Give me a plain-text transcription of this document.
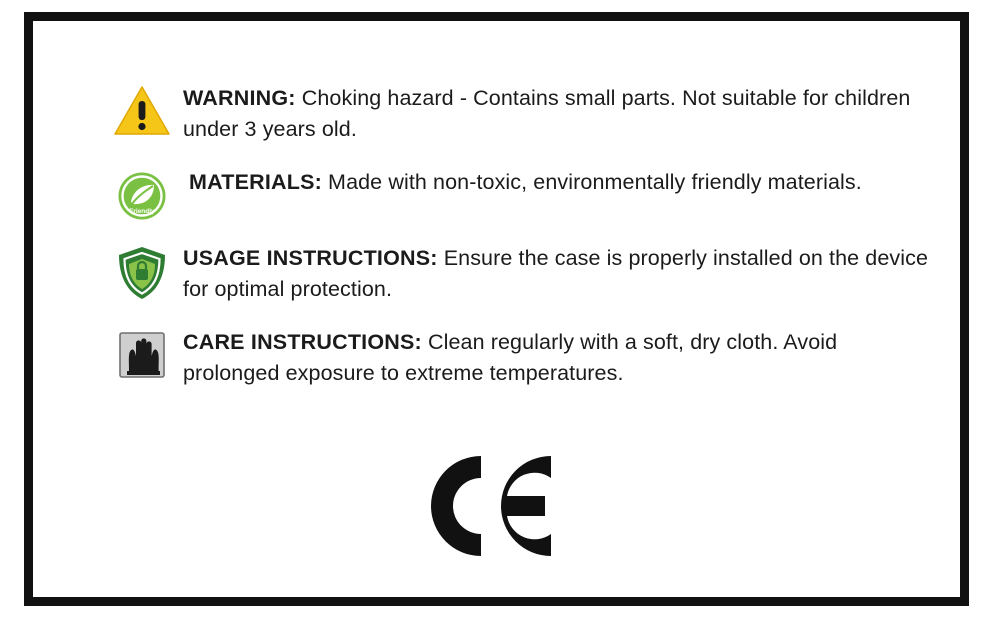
WARNING: Choking hazard - Contains small parts. Not suitable for children under 3 years old.
Friendly
MATERIALS: Made with non-toxic, environmentally friendly materials.
USAGE INSTRUCTIONS: Ensure the case is properly installed on the device for optimal protection.
CARE INSTRUCTIONS: Clean regularly with a soft, dry cloth. Avoid prolonged exposure to extreme temperatures.
